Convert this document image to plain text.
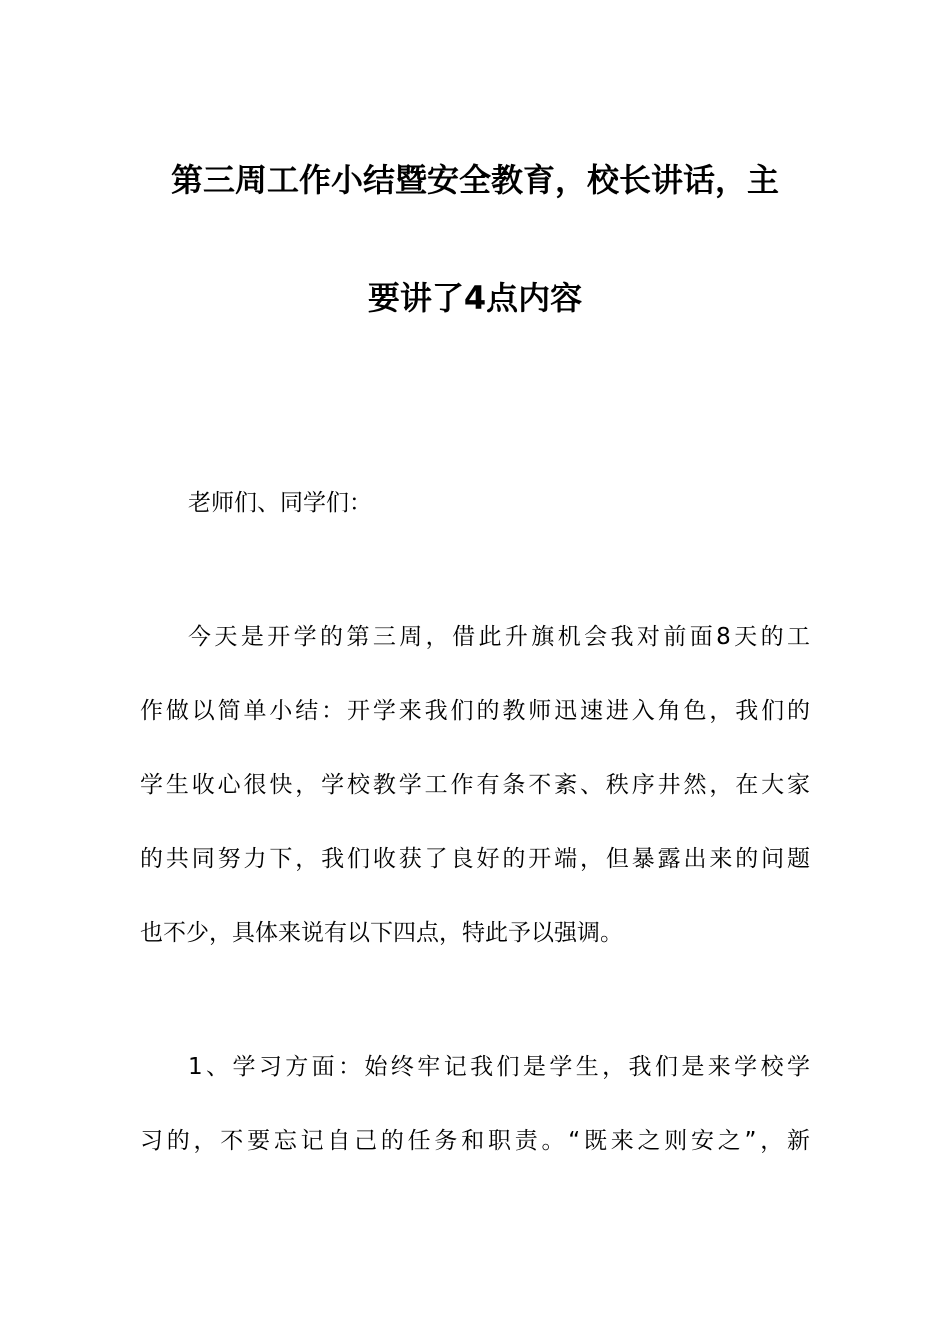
第三周工作小结暨安全教育，校长讲话，主
要讲了4点内容
老师们、同学们：
今天是开学的第三周，借此升旗机会我对前面8天的工
作做以简单小结：开学来我们的教师迅速进入角色，我们的
学生收心很快，学校教学工作有条不紊、秩序井然，在大家
的共同努力下，我们收获了良好的开端，但暴露出来的问题
也不少，具体来说有以下四点，特此予以强调。
1、学习方面：始终牢记我们是学生，我们是来学校学
习的，不要忘记自己的任务和职责。“既来之则安之”，新
